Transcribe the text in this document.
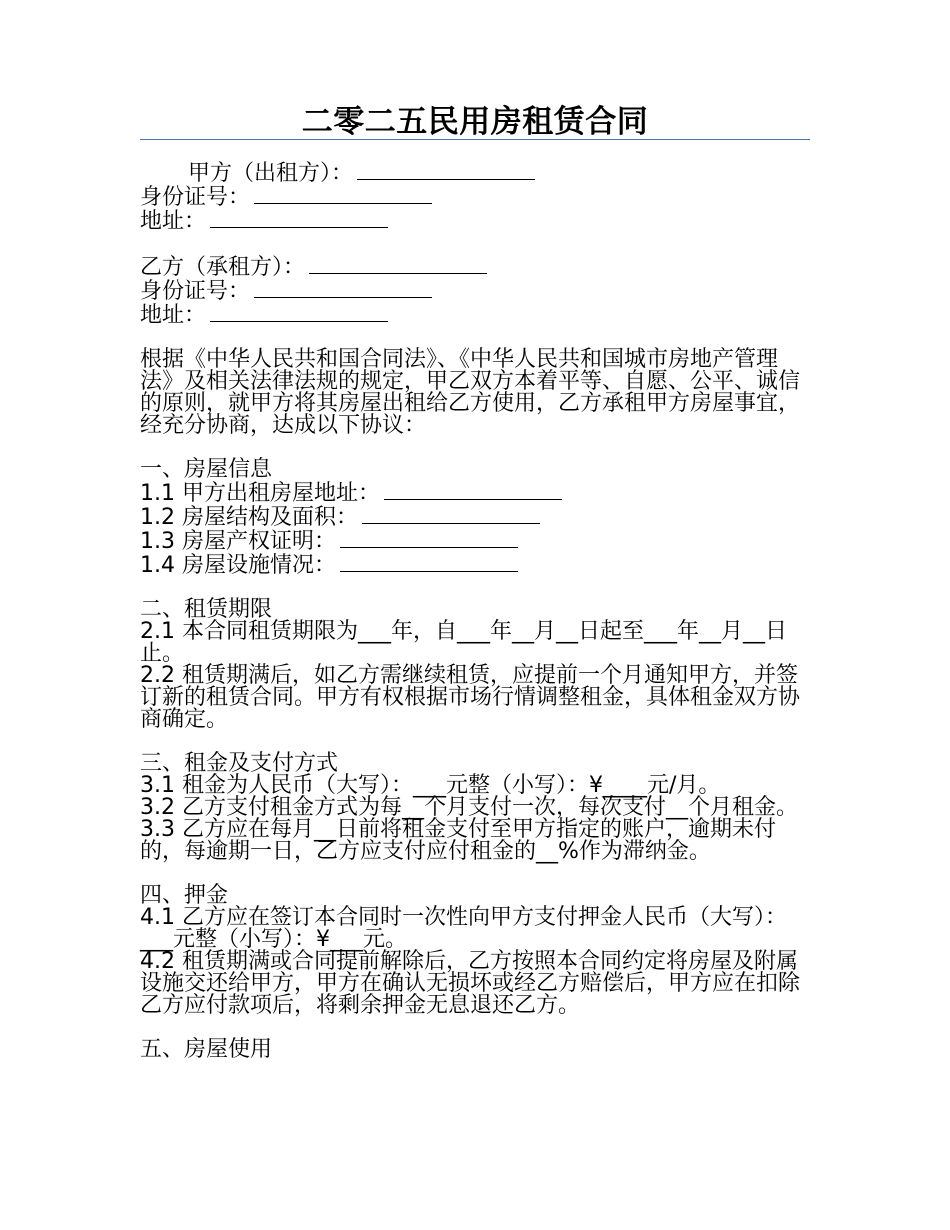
二零二五民用房租赁合同

甲方（出租方）：

身份证号：

地址：

乙方（承租方）：

身份证号：

地址：

根据《中华人民共和国合同法》、《中华人民共和国城市房地产管理法》及相关法律法规的规定，甲乙双方本着平等、自愿、公平、诚信的原则，就甲方将其房屋出租给乙方使用，乙方承租甲方房屋事宜，经充分协商，达成以下协议：

一、房屋信息

1.1 甲方出租房屋地址：

1.2 房屋结构及面积：

1.3 房屋产权证明：

1.4 房屋设施情况：

二、租赁期限

2.1 本合同租赁期限为___年，自___年__月__日起至___年__月__日止。

2.2 租赁期满后，如乙方需继续租赁，应提前一个月通知甲方，并签订新的租赁合同。甲方有权根据市场行情调整租金，具体租金双方协商确定。

三、租金及支付方式

3.1 租金为人民币（大写）：___元整（小写）：¥____元/月。

3.2 乙方支付租金方式为每__个月支付一次，每次支付__个月租金。

3.3 乙方应在每月__日前将租金支付至甲方指定的账户，逾期未付的，每逾期一日，乙方应支付应付租金的__%作为滞纳金。

四、押金

4.1 乙方应在签订本合同时一次性向甲方支付押金人民币（大写）：___元整（小写）：¥___元。

4.2 租赁期满或合同提前解除后，乙方按照本合同约定将房屋及附属设施交还给甲方，甲方在确认无损坏或经乙方赔偿后，甲方应在扣除乙方应付款项后，将剩余押金无息退还乙方。

五、房屋使用
